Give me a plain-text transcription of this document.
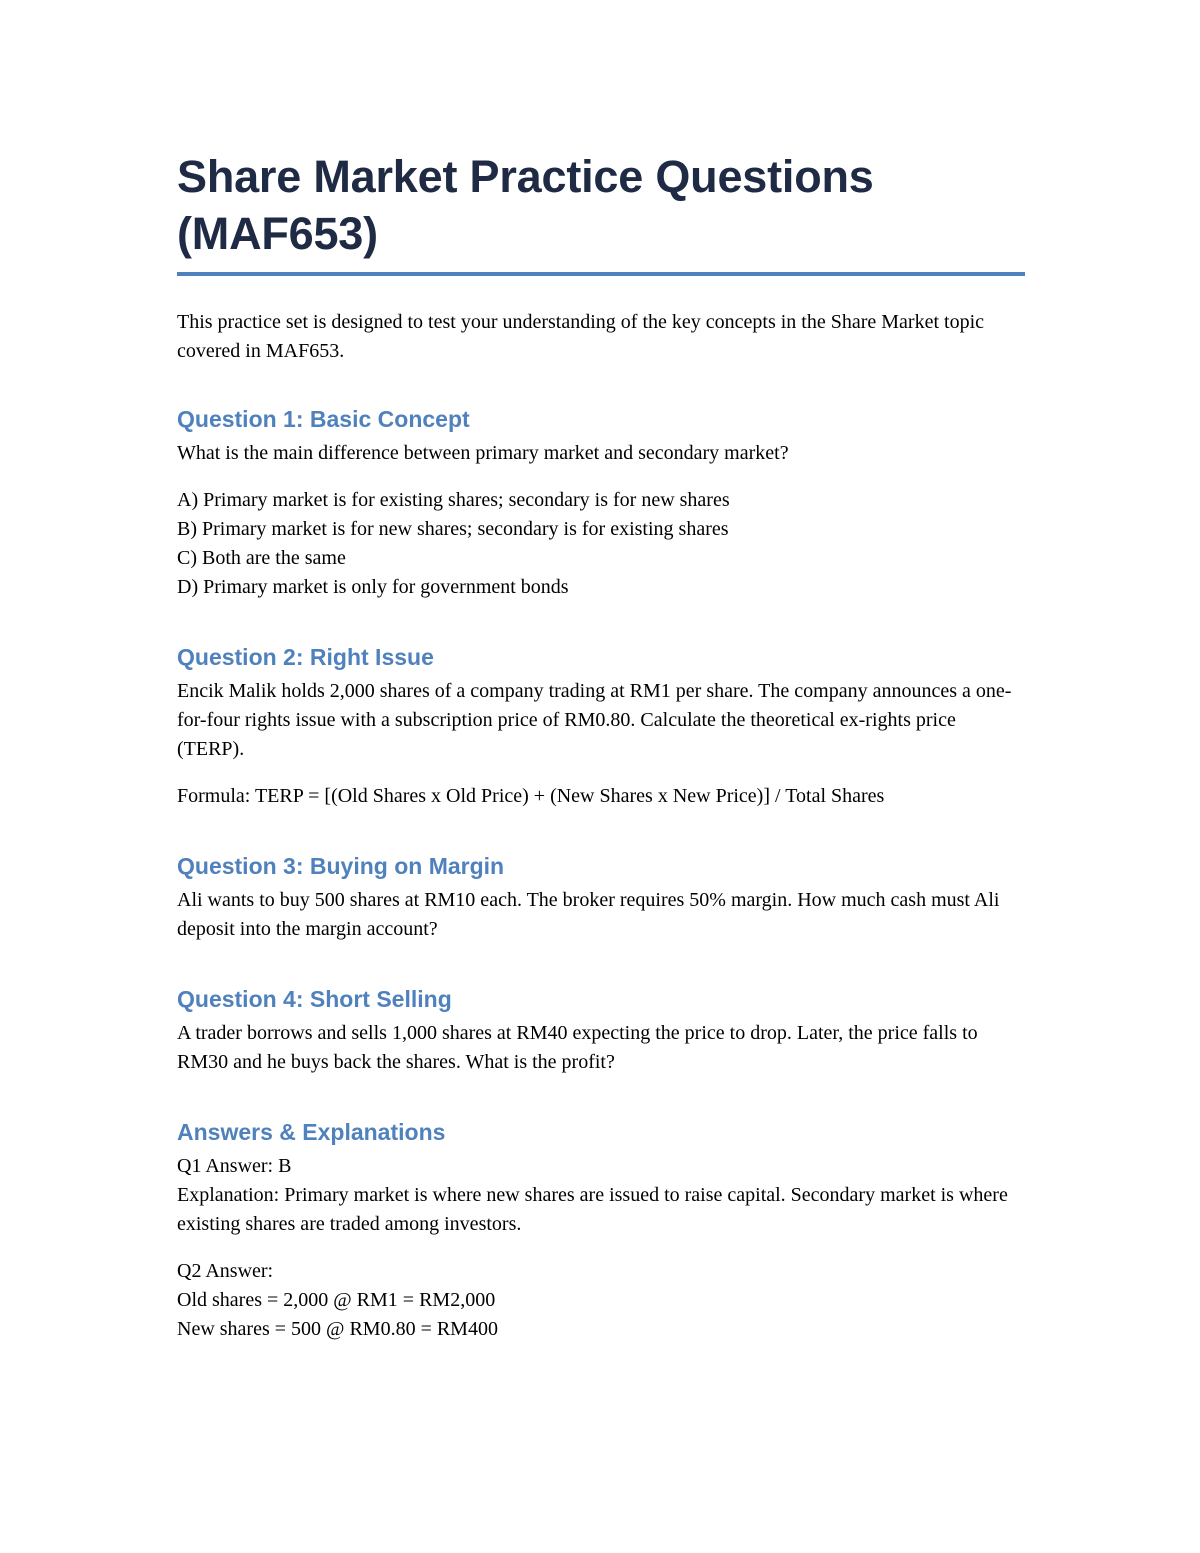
Share Market Practice Questions
(MAF653)

This practice set is designed to test your understanding of the key concepts in the Share Market topic covered in MAF653.

Question 1: Basic Concept

What is the main difference between primary market and secondary market?

A) Primary market is for existing shares; secondary is for new shares
B) Primary market is for new shares; secondary is for existing shares
C) Both are the same
D) Primary market is only for government bonds
Question 2: Right Issue

Encik Malik holds 2,000 shares of a company trading at RM1 per share. The company announces a one-for-four rights issue with a subscription price of RM0.80. Calculate the theoretical ex-rights price (TERP).

Formula: TERP = [(Old Shares x Old Price) + (New Shares x New Price)] / Total Shares

Question 3: Buying on Margin

Ali wants to buy 500 shares at RM10 each. The broker requires 50% margin. How much cash must Ali deposit into the margin account?

Question 4: Short Selling

A trader borrows and sells 1,000 shares at RM40 expecting the price to drop. Later, the price falls to RM30 and he buys back the shares. What is the profit?

Answers & Explanations
Q1 Answer: B
Explanation: Primary market is where new shares are issued to raise capital. Secondary market is where existing shares are traded among investors.
Q2 Answer:
Old shares = 2,000 @ RM1 = RM2,000
New shares = 500 @ RM0.80 = RM400
